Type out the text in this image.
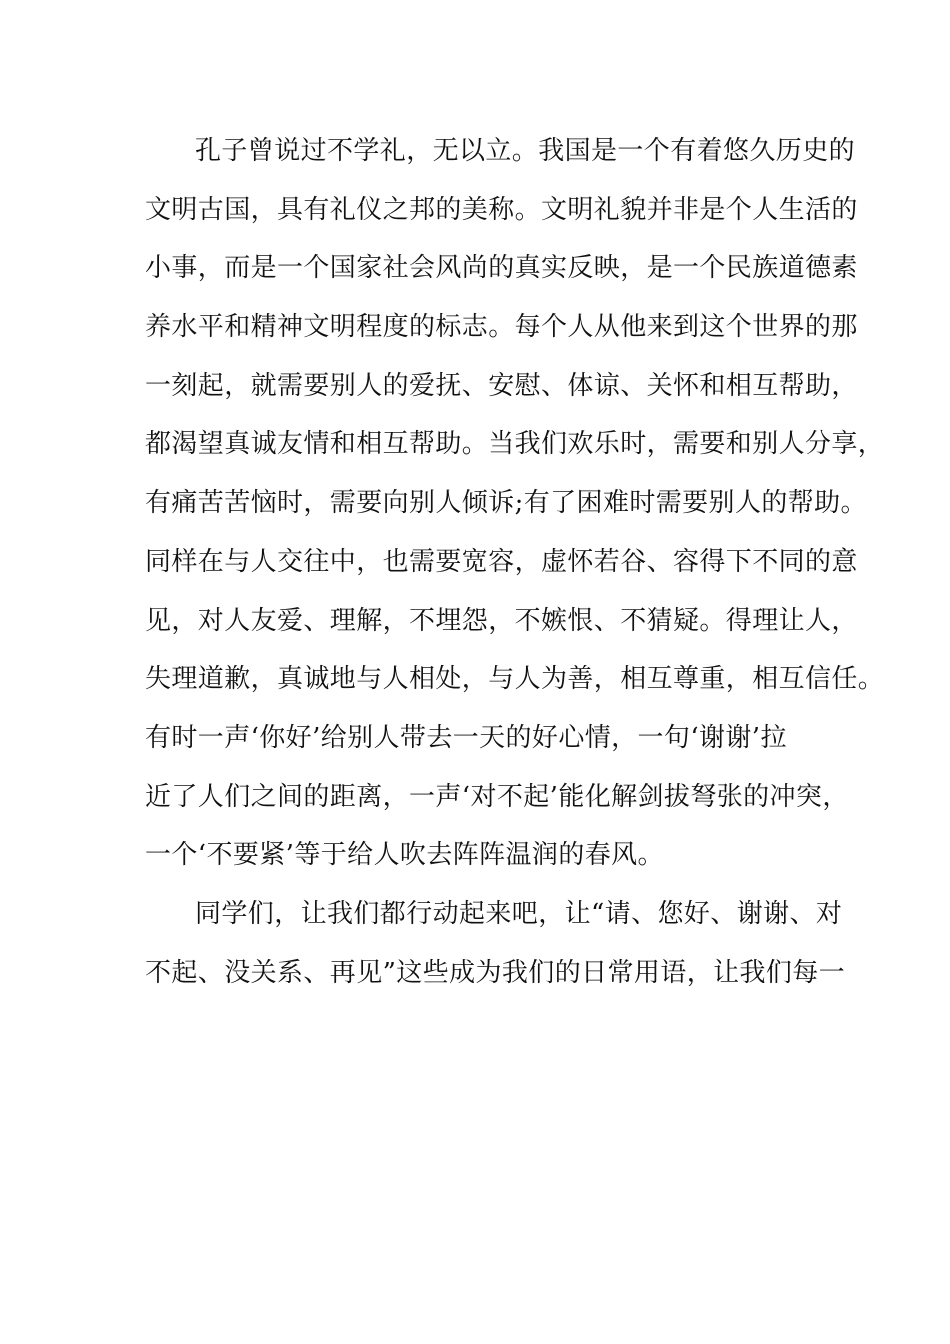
孔子曾说过不学礼，无以立。我国是一个有着悠久历史的
文明古国，具有礼仪之邦的美称。文明礼貌并非是个人生活的
小事，而是一个国家社会风尚的真实反映，是一个民族道德素
养水平和精神文明程度的标志。每个人从他来到这个世界的那
一刻起，就需要别人的爱抚、安慰、体谅、关怀和相互帮助，
都渴望真诚友情和相互帮助。当我们欢乐时，需要和别人分享，
有痛苦苦恼时，需要向别人倾诉;有了困难时需要别人的帮助。
同样在与人交往中，也需要宽容，虚怀若谷、容得下不同的意
见，对人友爱、理解，不埋怨，不嫉恨、不猜疑。得理让人，
失理道歉，真诚地与人相处，与人为善，相互尊重，相互信任。
有时一声‘你好’给别人带去一天的好心情，一句‘谢谢’拉
近了人们之间的距离，一声‘对不起’能化解剑拔弩张的冲突，
一个‘不要紧’等于给人吹去阵阵温润的春风。
同学们，让我们都行动起来吧，让“请、您好、谢谢、对
不起、没关系、再见”这些成为我们的日常用语，让我们每一
